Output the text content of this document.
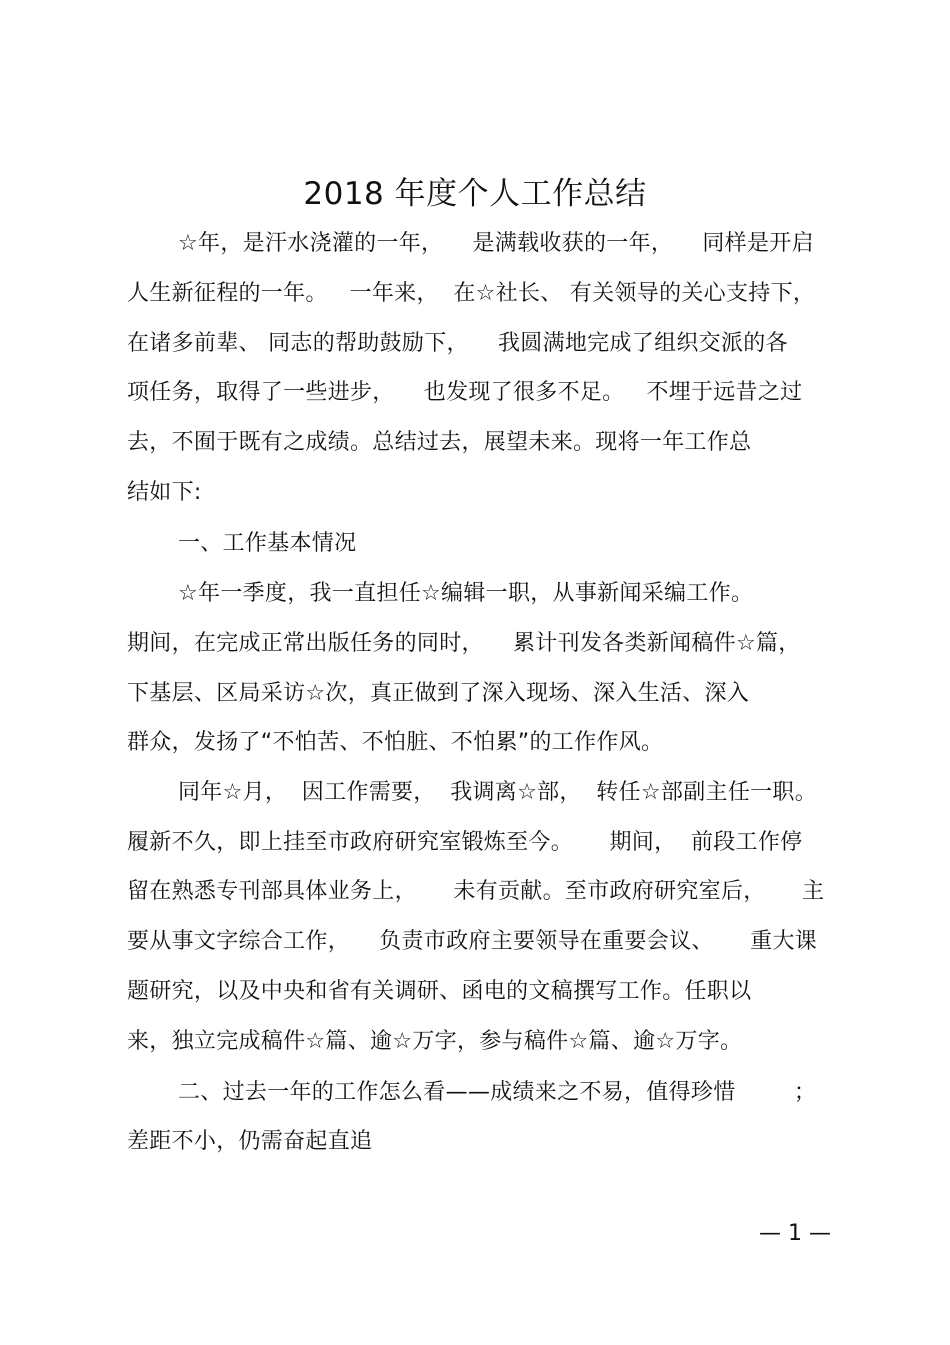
2018 年度个人工作总结
☆年，是汗水浇灌的一年，    是满载收获的一年，    同样是开启
人生新征程的一年。   一年来，  在☆社长、 有关领导的关心支持下，
在诸多前辈、 同志的帮助鼓励下，    我圆满地完成了组织交派的各
项任务，取得了一些进步，    也发现了很多不足。   不埋于远昔之过
去，不囿于既有之成绩。总结过去，展望未来。现将一年工作总
结如下:
一、工作基本情况
☆年一季度，我一直担任☆编辑一职，从事新闻采编工作。
期间，在完成正常出版任务的同时，    累计刊发各类新闻稿件☆篇，
下基层、区局采访☆次，真正做到了深入现场、深入生活、深入
群众，发扬了“不怕苦、不怕脏、不怕累”的工作作风。
同年☆月，  因工作需要，  我调离☆部，  转任☆部副主任一职。
履新不久，即上挂至市政府研究室锻炼至今。     期间，  前段工作停
留在熟悉专刊部具体业务上，     未有贡献。至市政府研究室后，     主
要从事文字综合工作，    负责市政府主要领导在重要会议、     重大课
题研究，以及中央和省有关调研、函电的文稿撰写工作。任职以
来，独立完成稿件☆篇、逾☆万字，参与稿件☆篇、逾☆万字。
二、过去一年的工作怎么看——成绩来之不易，值得珍惜        ；
差距不小，仍需奋起直追
— 1 —
